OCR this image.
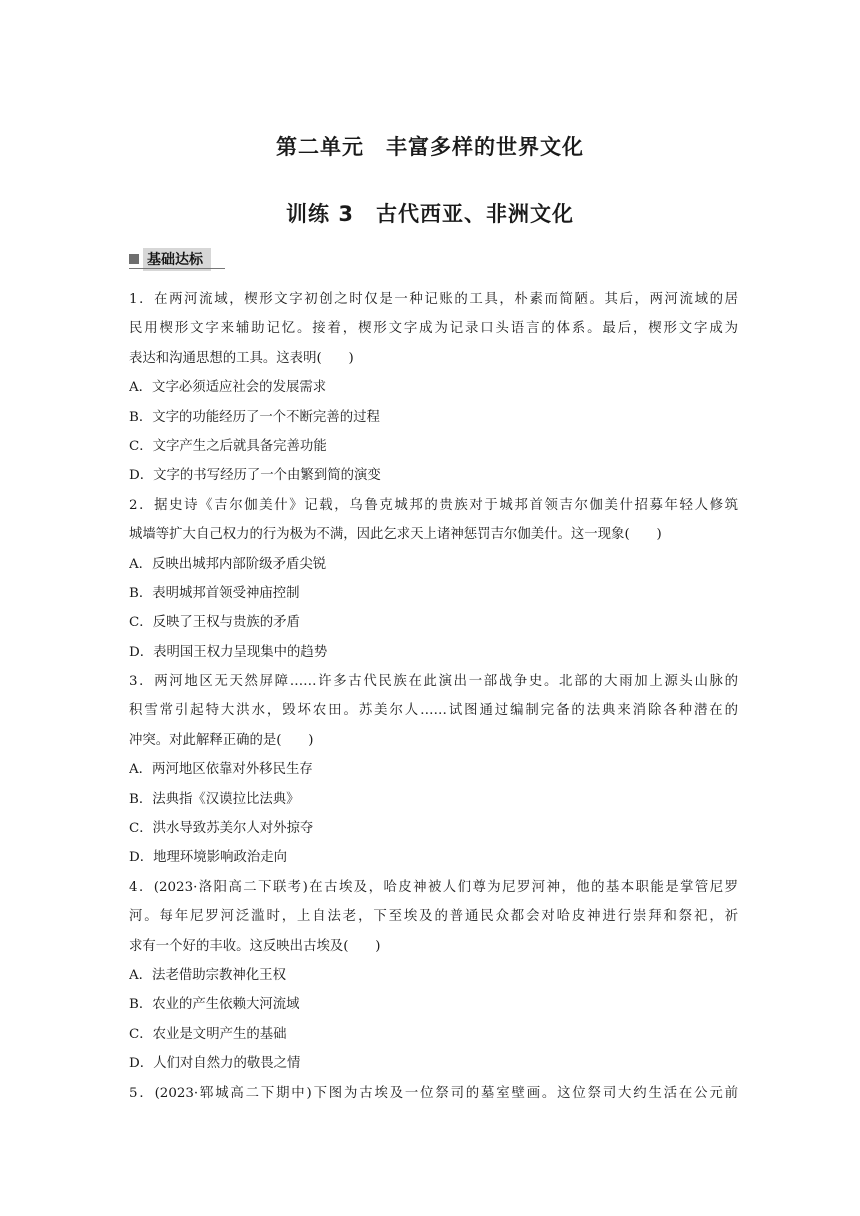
第二单元　丰富多样的世界文化
训练 3　古代西亚、非洲文化
基础达标
1．在两河流域，楔形文字初创之时仅是一种记账的工具，朴素而简陋。其后，两河流域的居
民用楔形文字来辅助记忆。接着，楔形文字成为记录口头语言的体系。最后，楔形文字成为
表达和沟通思想的工具。这表明(　　)
A．文字必须适应社会的发展需求
B．文字的功能经历了一个不断完善的过程
C．文字产生之后就具备完善功能
D．文字的书写经历了一个由繁到简的演变
2．据史诗《吉尔伽美什》记载，乌鲁克城邦的贵族对于城邦首领吉尔伽美什招募年轻人修筑
城墙等扩大自己权力的行为极为不满，因此乞求天上诸神惩罚吉尔伽美什。这一现象(　　)
A．反映出城邦内部阶级矛盾尖锐
B．表明城邦首领受神庙控制
C．反映了王权与贵族的矛盾
D．表明国王权力呈现集中的趋势
3．两河地区无天然屏障……许多古代民族在此演出一部战争史。北部的大雨加上源头山脉的
积雪常引起特大洪水，毁坏农田。苏美尔人……试图通过编制完备的法典来消除各种潜在的
冲突。对此解释正确的是(　　)
A．两河地区依靠对外移民生存
B．法典指《汉谟拉比法典》
C．洪水导致苏美尔人对外掠夺
D．地理环境影响政治走向
4．(2023·洛阳高二下联考)在古埃及，哈皮神被人们尊为尼罗河神，他的基本职能是掌管尼罗
河。每年尼罗河泛滥时，上自法老，下至埃及的普通民众都会对哈皮神进行崇拜和祭祀，祈
求有一个好的丰收。这反映出古埃及(　　)
A．法老借助宗教神化王权
B．农业的产生依赖大河流域
C．农业是文明产生的基础
D．人们对自然力的敬畏之情
5．(2023·郓城高二下期中)下图为古埃及一位祭司的墓室壁画。这位祭司大约生活在公元前
